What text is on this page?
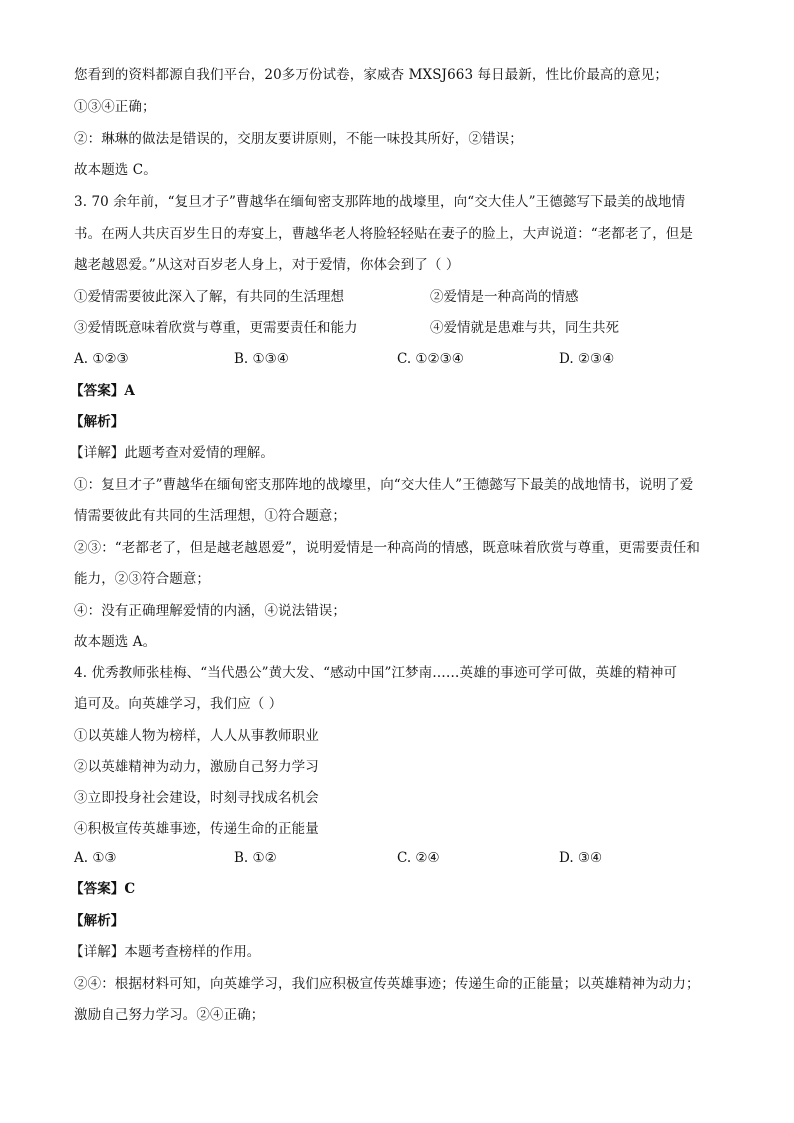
您看到的资料都源自我们平台，20多万份试卷，家威杏 MXSJ663 每日最新，性比价最高的意见；
①③④正确；
②：琳琳的做法是错误的，交朋友要讲原则，不能一味投其所好，②错误；
故本题选 C。
3. 70 余年前，“复旦才子”曹越华在缅甸密支那阵地的战壕里，向“交大佳人”王德懿写下最美的战地情
书。在两人共庆百岁生日的寿宴上，曹越华老人将脸轻轻贴在妻子的脸上，大声说道：“老都老了，但是
越老越恩爱。”从这对百岁老人身上，对于爱情，你体会到了（ ）
①爱情需要彼此深入了解，有共同的生活理想	②爱情是一种高尚的情感
③爱情既意味着欣赏与尊重，更需要责任和能力	④爱情就是患难与共，同生共死
A. ①②③	B. ①③④	C. ①②③④	D. ②③④
【答案】A
【解析】
【详解】此题考查对爱情的理解。
①：复旦才子”曹越华在缅甸密支那阵地的战壕里，向“交大佳人”王德懿写下最美的战地情书，说明了爱
情需要彼此有共同的生活理想，①符合题意；
②③：“老都老了，但是越老越恩爱”，说明爱情是一种高尚的情感，既意味着欣赏与尊重，更需要责任和
能力，②③符合题意；
④：没有正确理解爱情的内涵，④说法错误；
故本题选 A。
4. 优秀教师张桂梅、“当代愚公”黄大发、“感动中国”江梦南……英雄的事迹可学可做，英雄的精神可
追可及。向英雄学习，我们应（ ）
①以英雄人物为榜样，人人从事教师职业
②以英雄精神为动力，激励自己努力学习
③立即投身社会建设，时刻寻找成名机会
④积极宣传英雄事迹，传递生命的正能量
A. ①③	B. ①②	C. ②④	D. ③④
【答案】C
【解析】
【详解】本题考查榜样的作用。
②④：根据材料可知，向英雄学习，我们应积极宣传英雄事迹；传递生命的正能量；以英雄精神为动力；
激励自己努力学习。②④正确；
